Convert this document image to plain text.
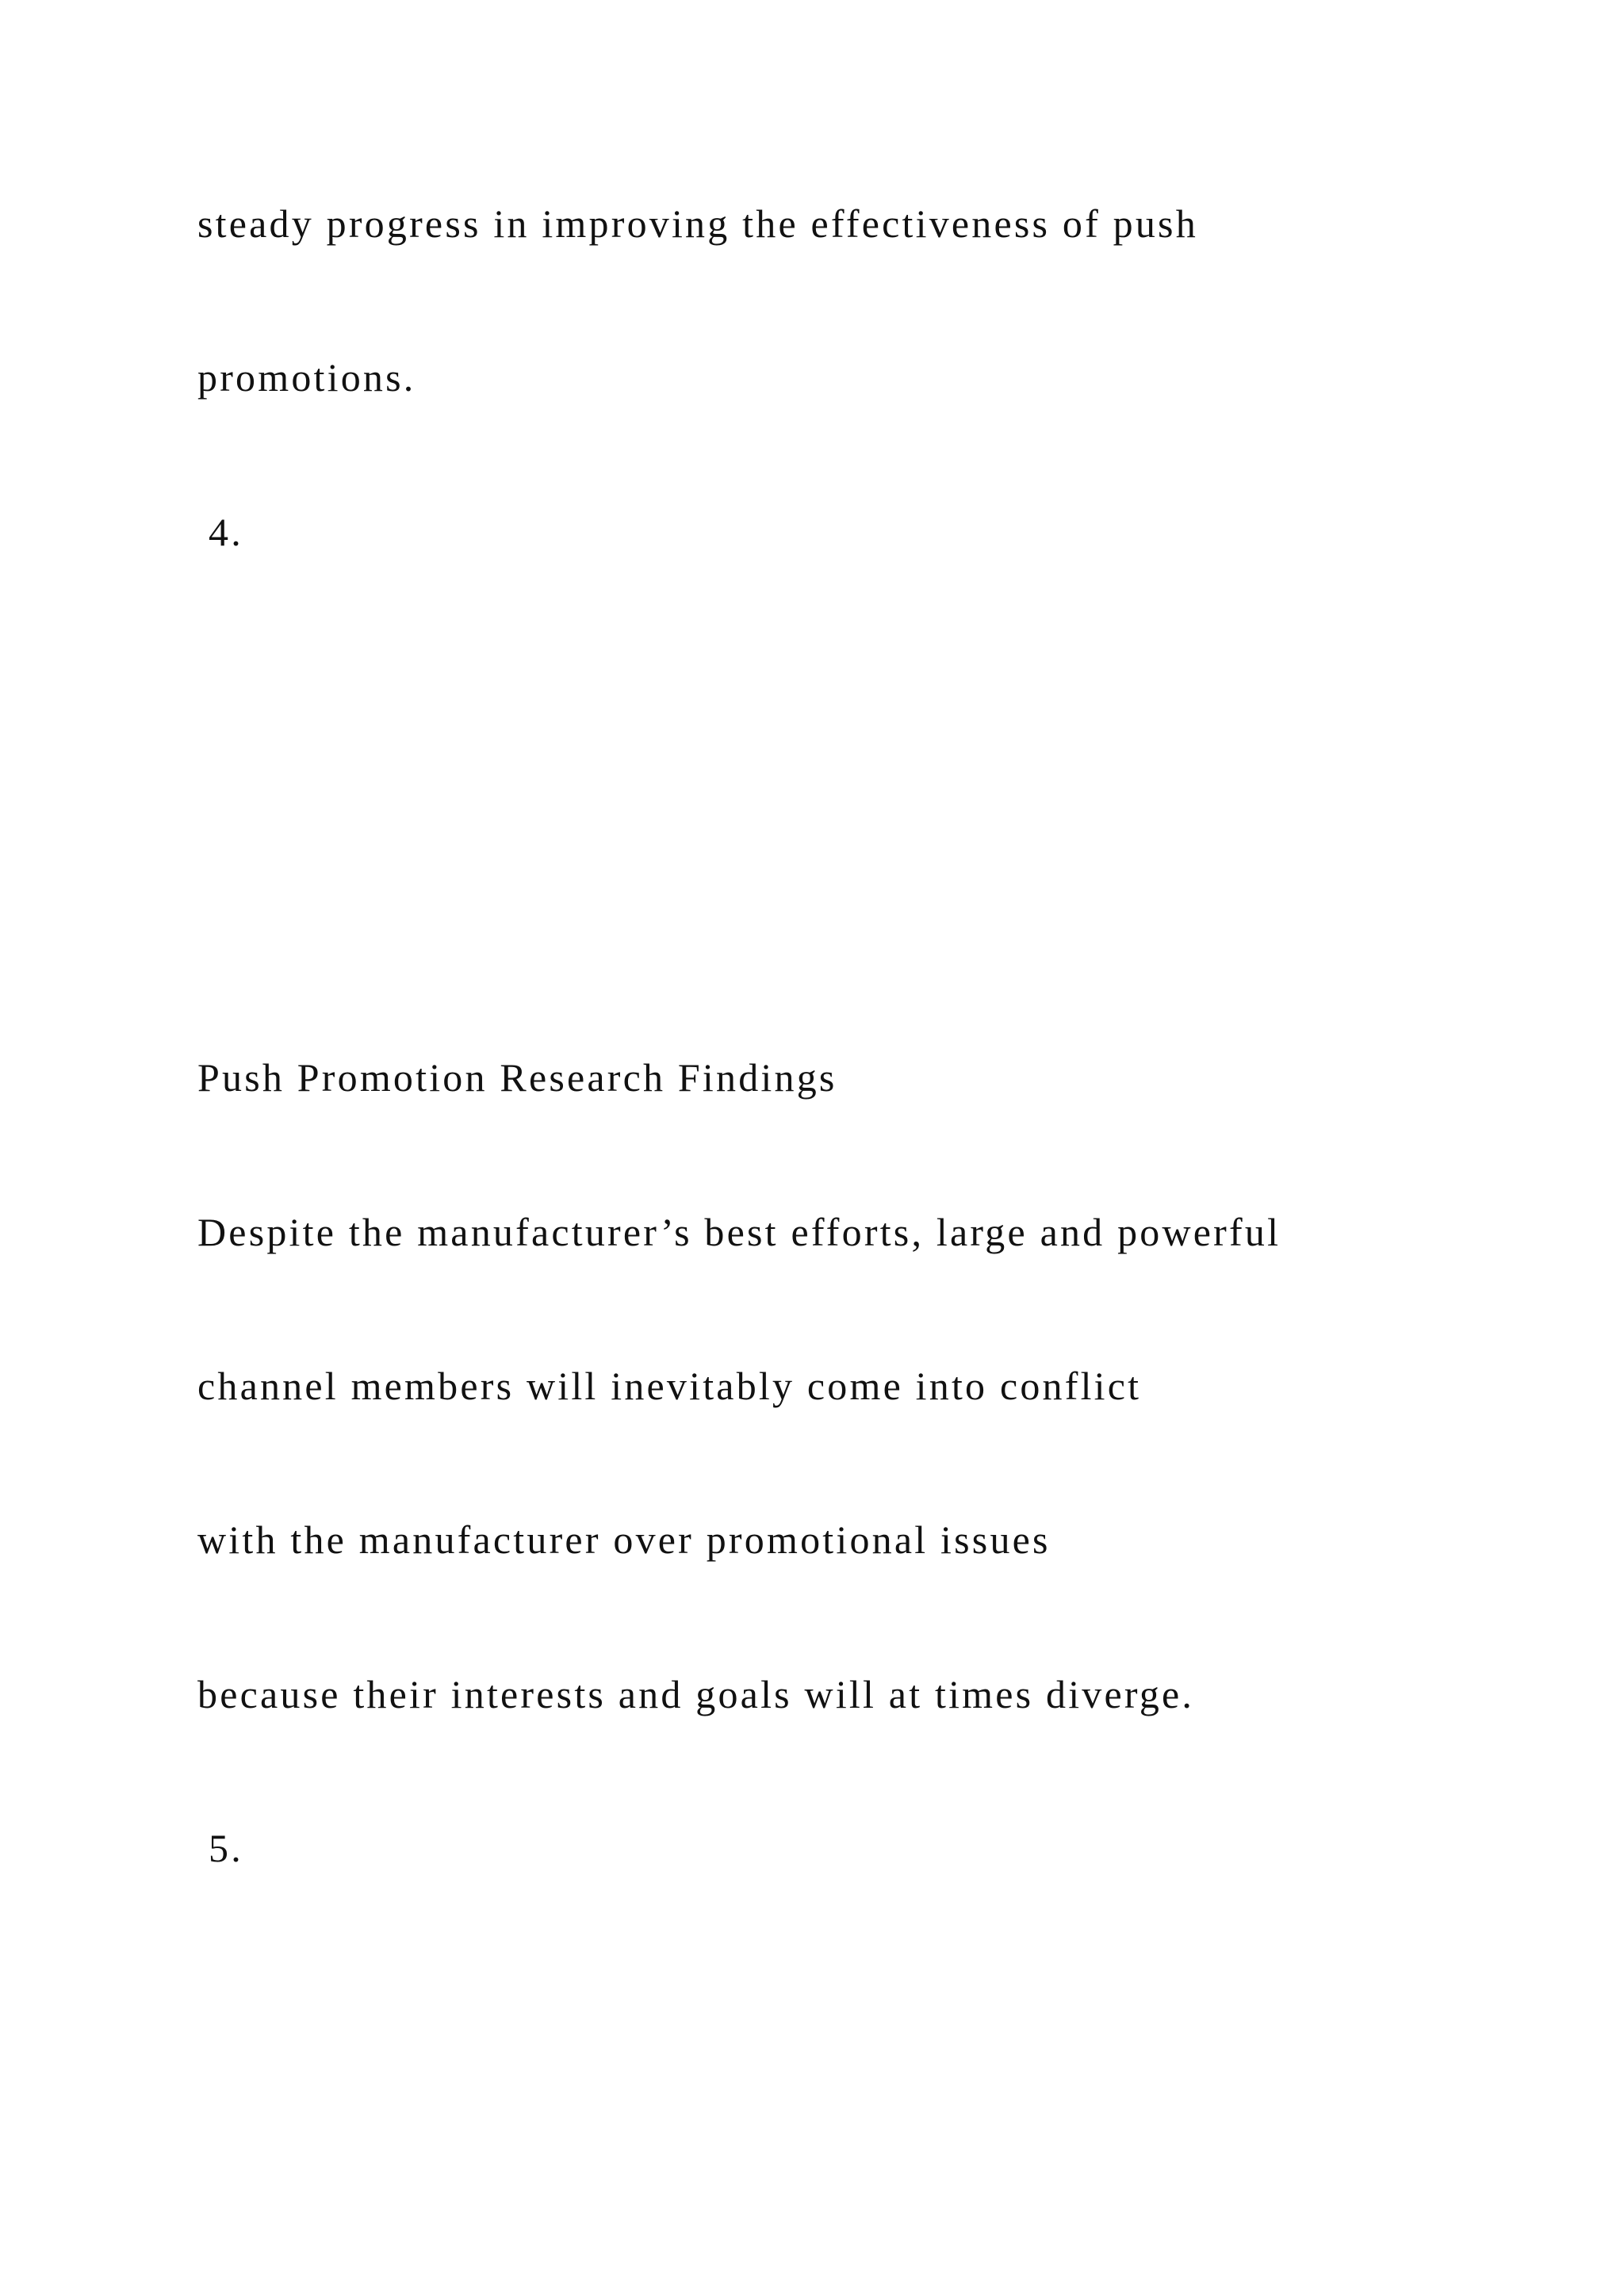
steady progress in improving the effectiveness of push

promotions.

4.

Push Promotion Research Findings

Despite the manufacturer’s best efforts, large and powerful

channel members will inevitably come into conflict

with the manufacturer over promotional issues

because their interests and goals will at times diverge.

5.
